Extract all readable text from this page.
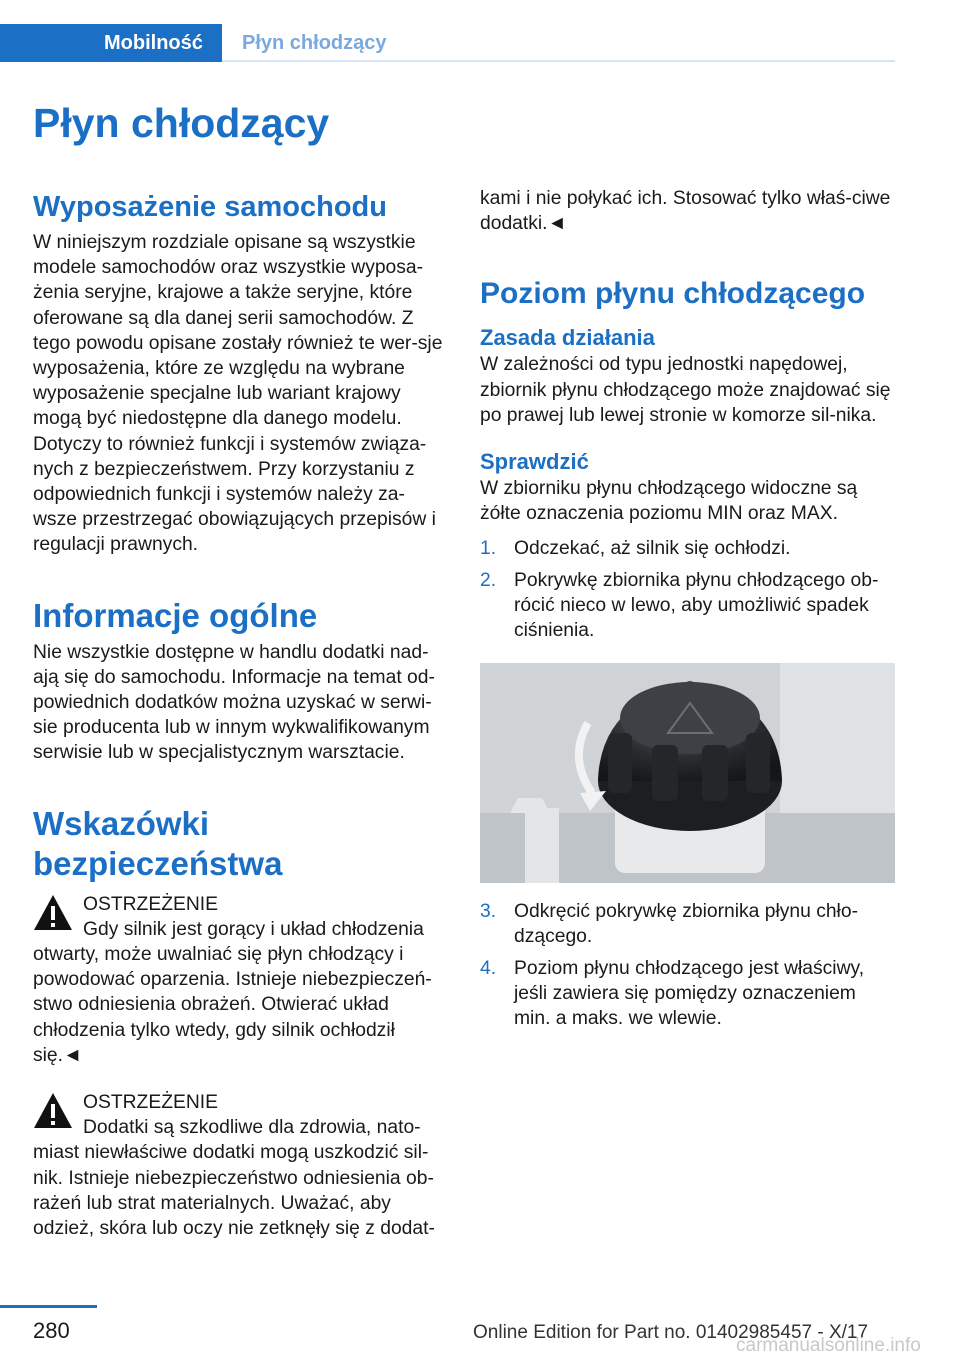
Mobilność	Płyn chłodzący
Płyn chłodzący
Wyposażenie samochodu

W niniejszym rozdziale opisane są wszystkie modele samochodów oraz wszystkie wyposa-żenia seryjne, krajowe a także seryjne, które oferowane są dla danej serii samochodów. Z tego powodu opisane zostały również te wer-sje wyposażenia, które ze względu na wybrane wyposażenie specjalne lub wariant krajowy mogą być niedostępne dla danego modelu. Dotyczy to również funkcji i systemów związa-nych z bezpieczeństwem. Przy korzystaniu z odpowiednich funkcji i systemów należy za-wsze przestrzegać obowiązujących przepisów i regulacji prawnych.

Informacje ogólne

Nie wszystkie dostępne w handlu dodatki nad-ają się do samochodu. Informacje na temat od-powiednich dodatków można uzyskać w serwi-sie producenta lub w innym wykwalifikowanym serwisie lub w specjalistycznym warsztacie.

Wskazówki bezpieczeństwa

OSTRZEŻENIE

Gdy silnik jest gorący i układ chłodzenia

otwarty, może uwalniać się płyn chłodzący i powodować oparzenia. Istnieje niebezpieczeń-stwo odniesienia obrażeń. Otwierać układ chłodzenia tylko wtedy, gdy silnik ochłodził się.◄

OSTRZEŻENIE

Dodatki są szkodliwe dla zdrowia, nato-

miast niewłaściwe dodatki mogą uszkodzić sil-nik. Istnieje niebezpieczeństwo odniesienia ob-rażeń lub strat materialnych. Uważać, aby odzież, skóra lub oczy nie zetknęły się z dodat-

kami i nie połykać ich. Stosować tylko właś-ciwe dodatki.◄

Poziom płynu chłodzącego
Zasada działania

W zależności od typu jednostki napędowej, zbiornik płynu chłodzącego może znajdować się po prawej lub lewej stronie w komorze sil-nika.

Sprawdzić

W zbiorniku płynu chłodzącego widoczne są żółte oznaczenia poziomu MIN oraz MAX.

1. Odczekać, aż silnik się ochłodzi.
2. Pokrywkę zbiornika płynu chłodzącego ob-rócić nieco w lewo, aby umożliwić spadek ciśnienia.
3. Odkręcić pokrywkę zbiornika płynu chło-dzącego.
4. Poziom płynu chłodzącego jest właściwy, jeśli zawiera się pomiędzy oznaczeniem min. a maks. we wlewie.
280	Online Edition for Part no. 01402985457 - X/17
carmanualsonline.info
